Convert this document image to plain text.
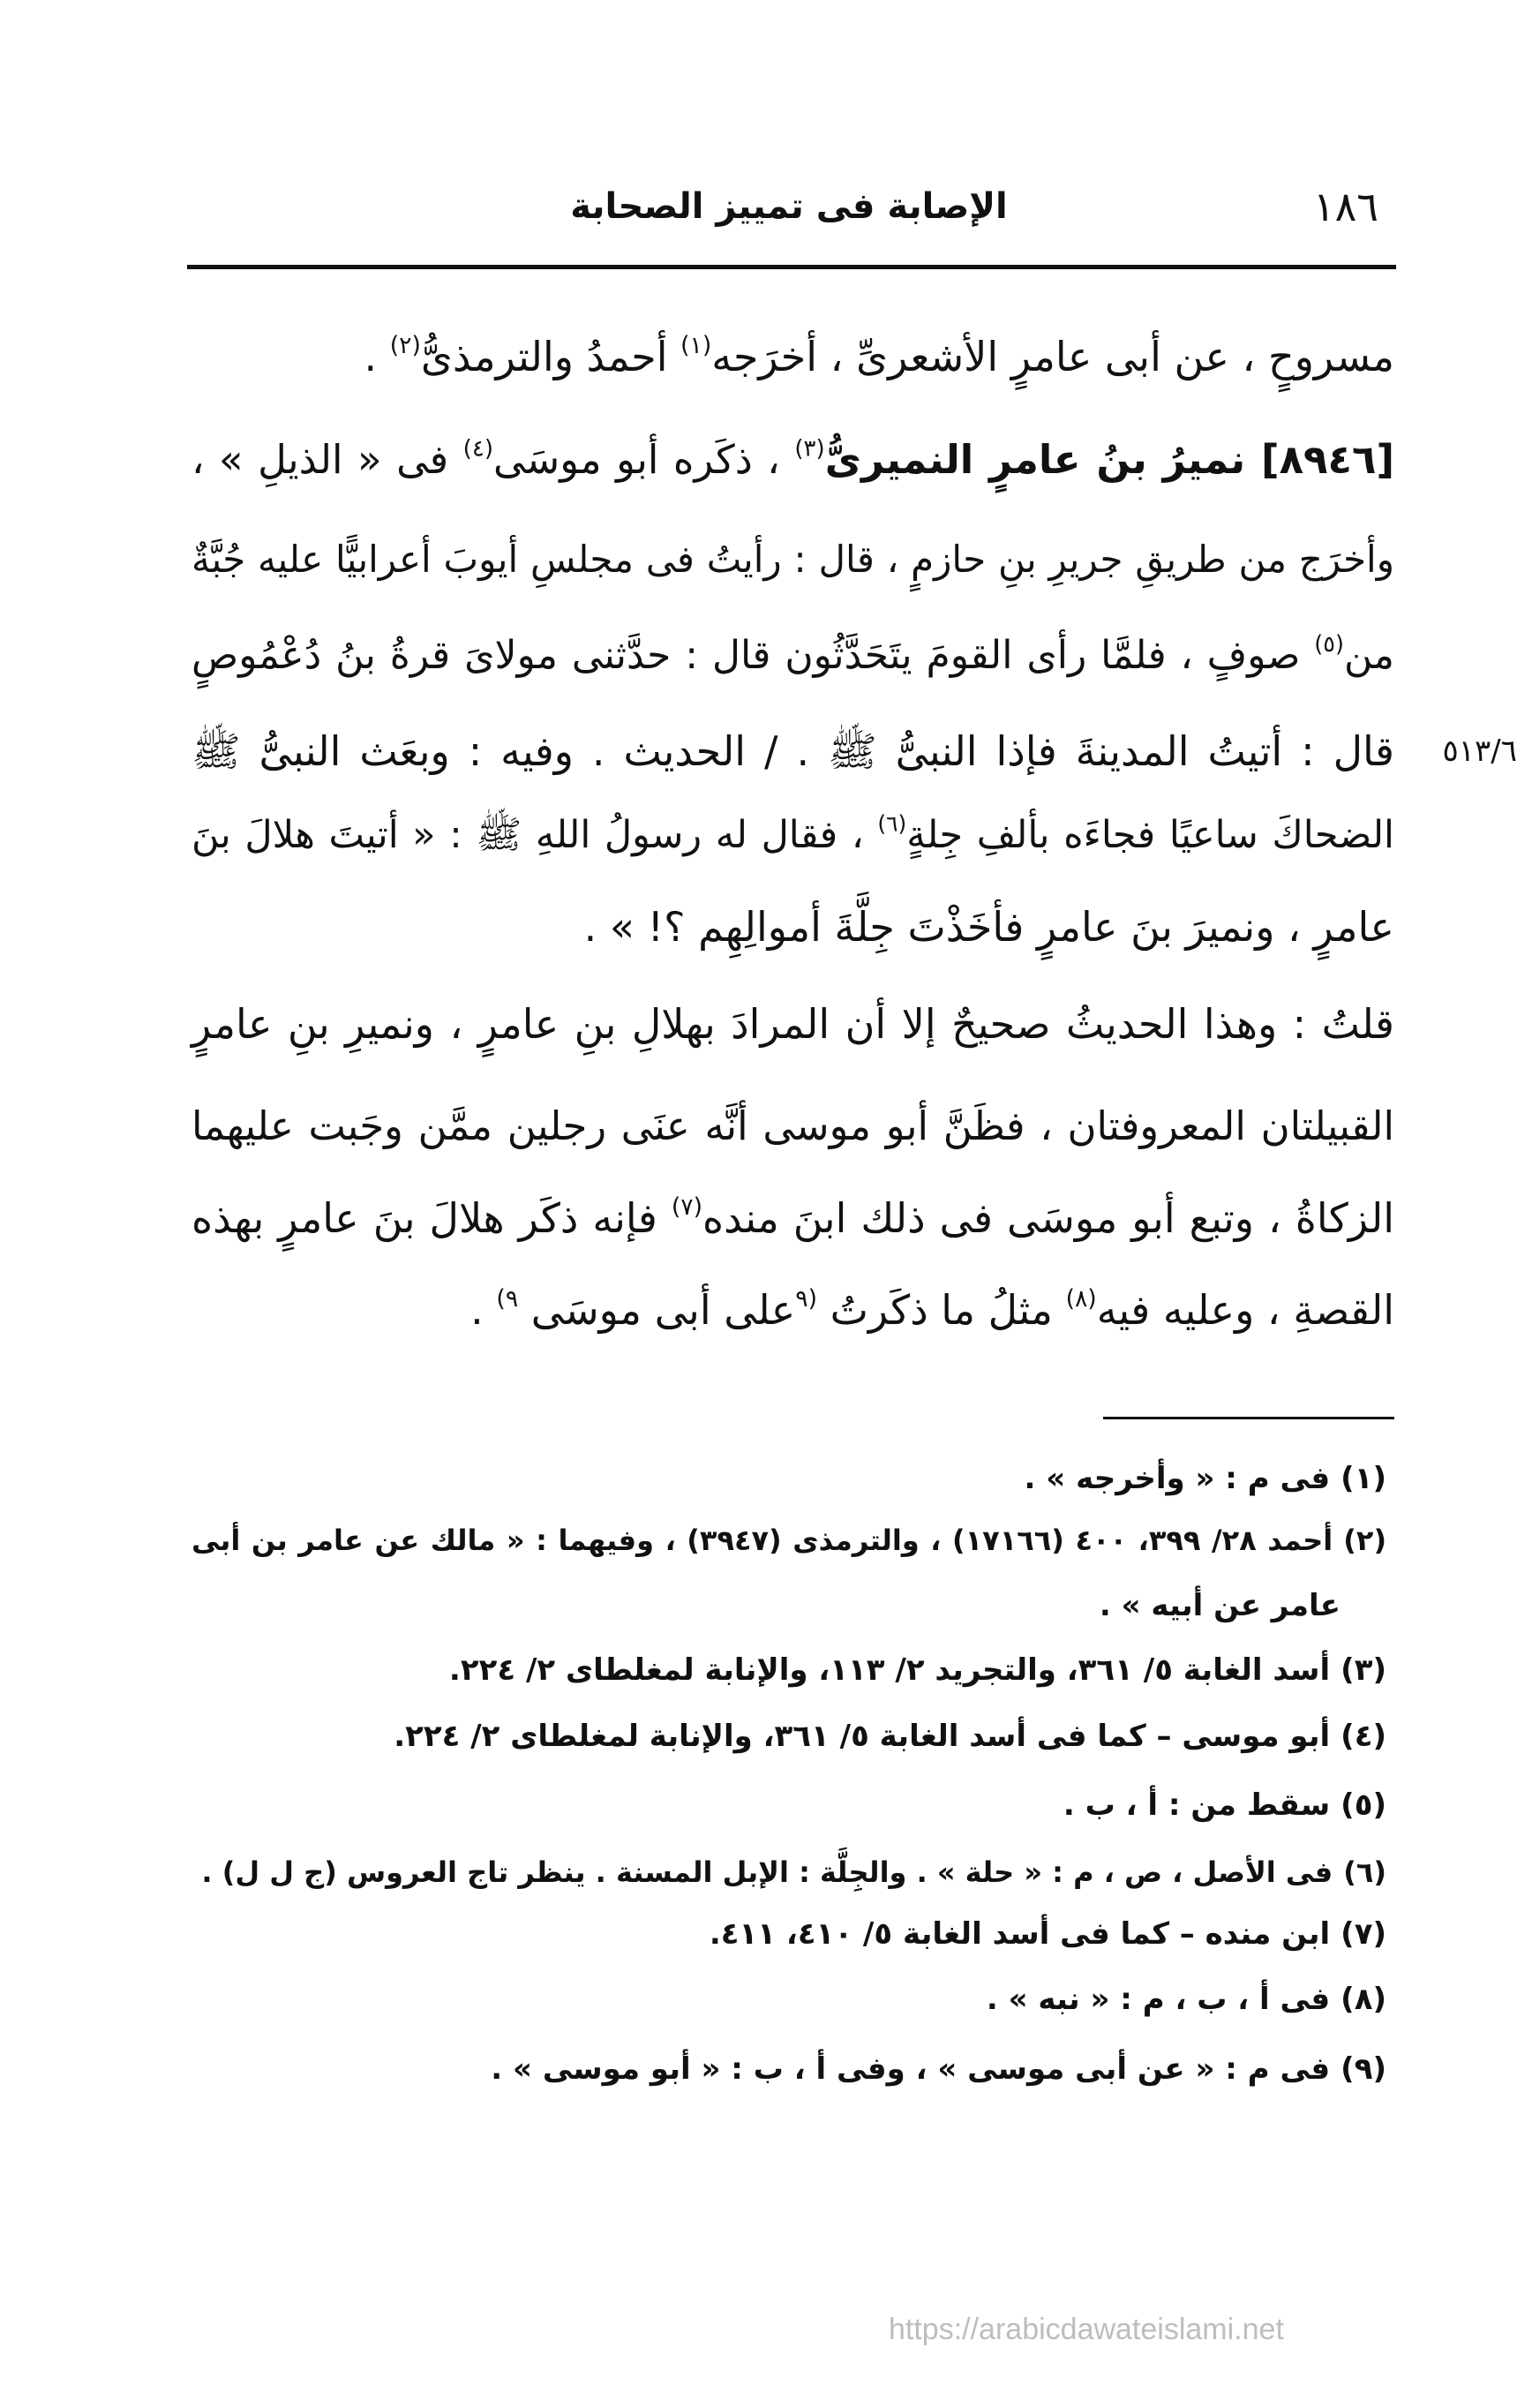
١٨٦
الإصابة فى تمييز الصحابة
٥١٣/٦
مسروحٍ ، عن أبى عامرٍ الأشعرىِّ ، أخرَجه$^{(١)}$ أحمدُ والترمذىُّ$^{(٢)}$ .
[٨٩٤٦] نميرُ بنُ عامرٍ النميرىُّ$^{(٣)}$ ، ذكَره أبو موسَى$^{(٤)}$ فى « الذيلِ » ،
وأخرَج من طريقِ جريرِ بنِ حازمٍ ، قال : رأيتُ فى مجلسِ أيوبَ أعرابيًّا عليه جُبَّةٌ
من$^{(٥)}$ صوفٍ ، فلمَّا رأى القومَ يتَحَدَّثُون قال : حدَّثنى مولاىَ قرةُ بنُ دُعْمُوصٍ
قال : أتيتُ المدينةَ فإذا النبىُّ ﷺ . / الحديث . وفيه : وبعَث النبىُّ ﷺ
الضحاكَ ساعيًا فجاءَه بألفِ جِلةٍ$^{(٦)}$ ، فقال له رسولُ اللهِ ﷺ : « أتيتَ هلالَ بنَ
عامرٍ ، ونميرَ بنَ عامرٍ فأخَذْتَ جِلَّةَ أموالِهِم ؟! » .
قلتُ : وهذا الحديثُ صحيحٌ إلا أن المرادَ بهلالِ بنِ عامرٍ ، ونميرِ بنِ عامرٍ
القبيلتان المعروفتان ، فظَنَّ أبو موسى أنَّه عنَى رجلين ممَّن وجَبت عليهما
الزكاةُ ، وتبع أبو موسَى فى ذلك ابنَ منده$^{(٧)}$ فإنه ذكَر هلالَ بنَ عامرٍ بهذه
القصةِ ، وعليه فيه$^{(٨)}$ مثلُ ما ذكَرتُ $^{(٩}$على أبى موسَى $^{٩)}$ .
(١)فى م : « وأخرجه » .
(٢)أحمد ٢٨/ ٣٩٩، ٤٠٠ (١٧١٦٦) ، والترمذى (٣٩٤٧) ، وفيهما : « مالك عن عامر بن أبى
عامر عن أبيه » .
(٣)أسد الغابة ٥/ ٣٦١، والتجريد ٢/ ١١٣، والإنابة لمغلطاى ٢/ ٢٢٤.
(٤)أبو موسى – كما فى أسد الغابة ٥/ ٣٦١، والإنابة لمغلطاى ٢/ ٢٢٤.
(٥)سقط من : أ ، ب .
(٦)فى الأصل ، ص ، م : « حلة » . والجِلَّة : الإبل المسنة . ينظر تاج العروس (ج ل ل) .
(٧)ابن منده – كما فى أسد الغابة ٥/ ٤١٠، ٤١١.
(٨)فى أ ، ب ، م : « نبه » .
(٩)فى م : « عن أبى موسى » ، وفى أ ، ب : « أبو موسى » .
https://arabicdawateislami.net
